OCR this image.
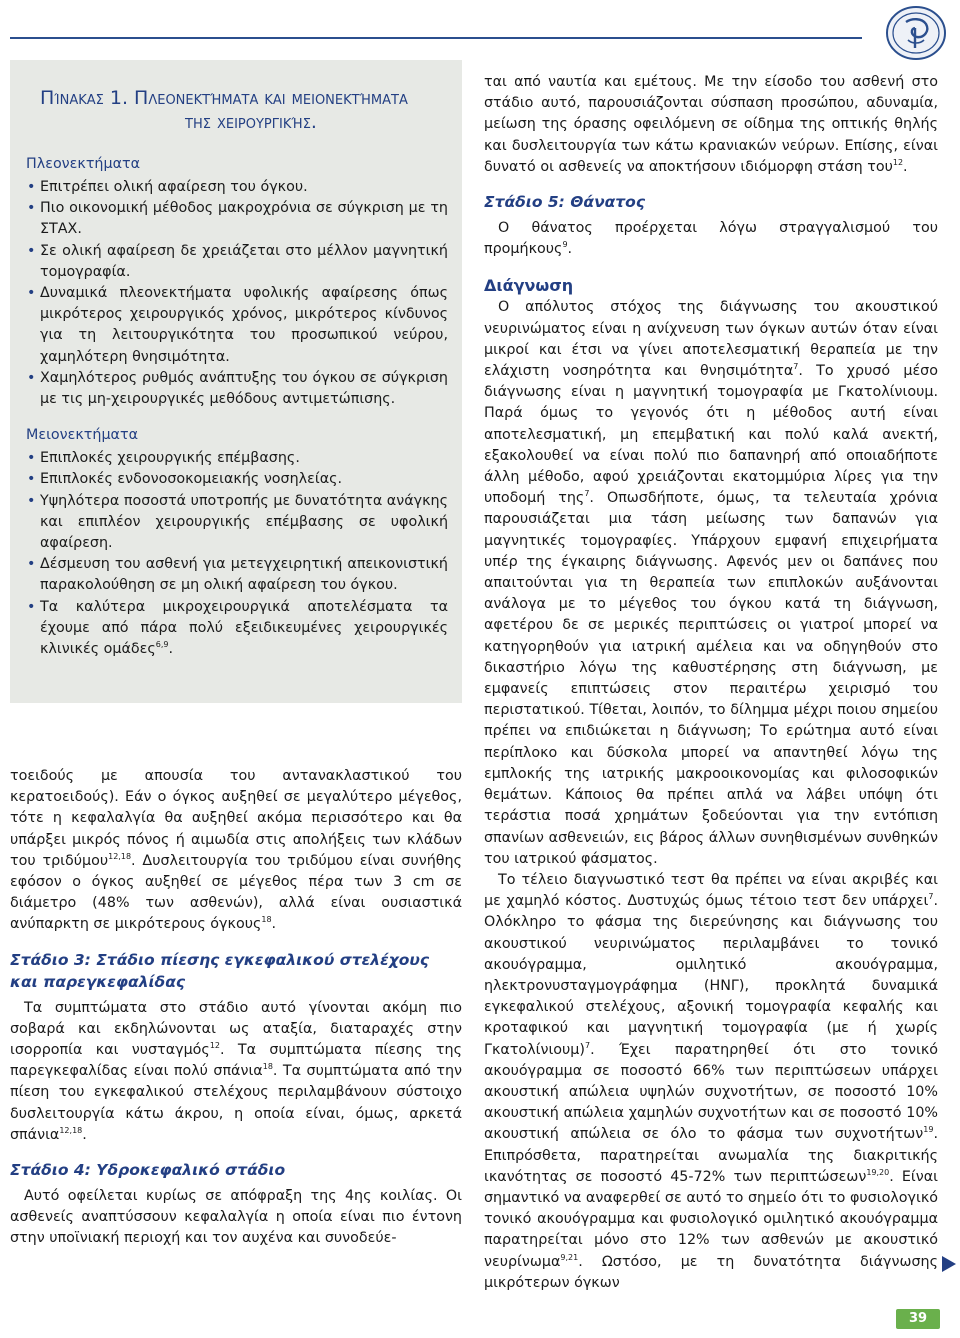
Πίνακας 1. Πλεονεκτήματα και μειονεκτήματα
της χειρουργικής.
Πλεονεκτήματα
• Επιτρέπει ολική αφαίρεση του όγκου.
• Πιο οικονομική μέθοδος μακροχρόνια σε σύγκριση με τη ΣΤΑΧ.
• Σε ολική αφαίρεση δε χρειάζεται στο μέλλον μαγνητική τομογραφία.
• Δυναμικά πλεονεκτήματα υφολικής αφαίρεσης όπως μικρότερος χειρουργικός χρόνος, μικρότερος κίνδυνος για τη λειτουργικότητα του προσωπικού νεύρου, χαμηλότερη θνησιμότητα.
• Χαμηλότερος ρυθμός ανάπτυξης του όγκου σε σύγκριση με τις μη-χειρουργικές μεθόδους αντιμετώπισης.
Μειονεκτήματα
• Επιπλοκές χειρουργικής επέμβασης.
• Επιπλοκές ενδονοσοκομειακής νοσηλείας.
• Υψηλότερα ποσοστά υποτροπής με δυνατότητα ανάγκης και επιπλέον χειρουργικής επέμβασης σε υφολική αφαίρεση.
• Δέσμευση του ασθενή για μετεγχειρητική απεικονιστική παρακολούθηση σε μη ολική αφαίρεση του όγκου.
• Τα καλύτερα μικροχειρουργικά αποτελέσματα τα έχουμε από πάρα πολύ εξειδικευμένες χειρουργικές κλινικές ομάδες$^{6,9}$.

τοειδούς με απουσία του αντανακλαστικού του κερατοειδούς). Εάν ο όγκος αυξηθεί σε μεγαλύτερο μέγεθος, τότε η κεφαλαλγία θα αυξηθεί ακόμα περισσότερο και θα υπάρξει μικρός πόνος ή αιμωδία στις απολήξεις των κλάδων του τριδύμου$^{12,18}$. Δυσλειτουργία του τριδύμου είναι συνήθης εφόσον ο όγκος αυξηθεί σε μέγεθος πέρα των 3 cm σε διάμετρο (48% των ασθενών), αλλά είναι ουσιαστικά ανύπαρκτη σε μικρότερους όγκους$^{18}$.

Στάδιο 3: Στάδιο πίεσης εγκεφαλικού στελέχους και παρεγκεφαλίδας

Τα συμπτώματα στο στάδιο αυτό γίνονται ακόμη πιο σοβαρά και εκδηλώνονται ως αταξία, διαταραχές στην ισορροπία και νυσταγμός$^{12}$. Τα συμπτώματα πίεσης της παρεγκεφαλίδας είναι πολύ σπάνια$^{18}$. Τα συμπτώματα από την πίεση του εγκεφαλικού στελέχους περιλαμβάνουν σύστοιχο δυσλειτουργία κάτω άκρου, η οποία είναι, όμως, αρκετά σπάνια$^{12,18}$.

Στάδιο 4: Υδροκεφαλικό στάδιο

Αυτό οφείλεται κυρίως σε απόφραξη της 4ης κοιλίας. Οι ασθενείς αναπτύσσουν κεφαλαλγία η οποία είναι πιο έντονη στην υποϊνιακή περιοχή και τον αυχένα και συνοδεύε-

ται από ναυτία και εμέτους. Με την είσοδο του ασθενή στο στάδιο αυτό, παρουσιάζονται σύσπαση προσώπου, αδυναμία, μείωση της όρασης οφειλόμενη σε οίδημα της οπτικής θηλής και δυσλειτουργία των κάτω κρανιακών νεύρων. Επίσης, είναι δυνατό οι ασθενείς να αποκτήσουν ιδιόμορφη στάση του$^{12}$.

Στάδιο 5: Θάνατος

Ο θάνατος προέρχεται λόγω στραγγαλισμού του προμήκους$^9$.

Διάγνωση

Ο απόλυτος στόχος της διάγνωσης του ακουστικού νευρινώματος είναι η ανίχνευση των όγκων αυτών όταν είναι μικροί και έτσι να γίνει αποτελεσματική θεραπεία με την ελάχιστη νοσηρότητα και θνησιμότητα$^7$. Το χρυσό μέσο διάγνωσης είναι η μαγνητική τομογραφία με Γκατολίνιουμ. Παρά όμως το γεγονός ότι η μέθοδος αυτή είναι αποτελεσματική, μη επεμβατική και πολύ καλά ανεκτή, εξακολουθεί να είναι πολύ πιο δαπανηρή από οποιαδήποτε άλλη μέθοδο, αφού χρειάζονται εκατομμύρια λίρες για την υποδομή της$^7$. Οπωσδήποτε, όμως, τα τελευταία χρόνια παρουσιάζεται μια τάση μείωσης των δαπανών για μαγνητικές τομογραφίες. Υπάρχουν εμφανή επιχειρήματα υπέρ της έγκαιρης διάγνωσης. Αφενός μεν οι δαπάνες που απαιτούνται για τη θεραπεία των επιπλοκών αυξάνονται ανάλογα με το μέγεθος του όγκου κατά τη διάγνωση, αφετέρου δε σε μερικές περιπτώσεις οι γιατροί μπορεί να κατηγορηθούν για ιατρική αμέλεια και να οδηγηθούν στο δικαστήριο λόγω της καθυστέρησης στη διάγνωση, με εμφανείς επιπτώσεις στον περαιτέρω χειρισμό του περιστατικού. Τίθεται, λοιπόν, το δίλημμα μέχρι ποιου σημείου πρέπει να επιδιώκεται η διάγνωση; Το ερώτημα αυτό είναι περίπλοκο και δύσκολα μπορεί να απαντηθεί λόγω της εμπλοκής της ιατρικής μακροοικονομίας και φιλοσοφικών θεμάτων. Κάποιος θα πρέπει απλά να λάβει υπόψη ότι τεράστια ποσά χρημάτων ξοδεύονται για την εντόπιση σπανίων ασθενειών, εις βάρος άλλων συνηθισμένων συνθηκών του ιατρικού φάσματος.

Το τέλειο διαγνωστικό τεστ θα πρέπει να είναι ακριβές και με χαμηλό κόστος. Δυστυχώς όμως τέτοιο τεστ δεν υπάρχει$^7$. Ολόκληρο το φάσμα της διερεύνησης και διάγνωσης του ακουστικού νευρινώματος περιλαμβάνει το τονικό ακουόγραμμα, ομιλητικό ακουόγραμμα, ηλεκτρονυσταγμογράφημα (ΗΝΓ), προκλητά δυναμικά εγκεφαλικού στελέχους, αξονική τομογραφία κεφαλής και κροταφικού και μαγνητική τομογραφία (με ή χωρίς Γκατολίνιουμ)$^7$. Έχει παρατηρηθεί ότι στο τονικό ακουόγραμμα σε ποσοστό 66% των περιπτώσεων υπάρχει ακουστική απώλεια υψηλών συχνοτήτων, σε ποσοστό 10% ακουστική απώλεια χαμηλών συχνοτήτων και σε ποσοστό 10% ακουστική απώλεια σε όλο το φάσμα των συχνοτήτων$^{19}$. Επιπρόσθετα, παρατηρείται ανωμαλία της διακριτικής ικανότητας σε ποσοστό 45-72% των περιπτώσεων$^{19,20}$. Είναι σημαντικό να αναφερθεί σε αυτό το σημείο ότι το φυσιολογικό τονικό ακουόγραμμα και φυσιολογικό ομιλητικό ακουόγραμμα παρατηρείται μόνο στο 12% των ασθενών με ακουστικό νευρίνωμα$^{9,21}$. Ωστόσο, με τη δυνατότητα διάγνωσης μικρότερων όγκων

39
